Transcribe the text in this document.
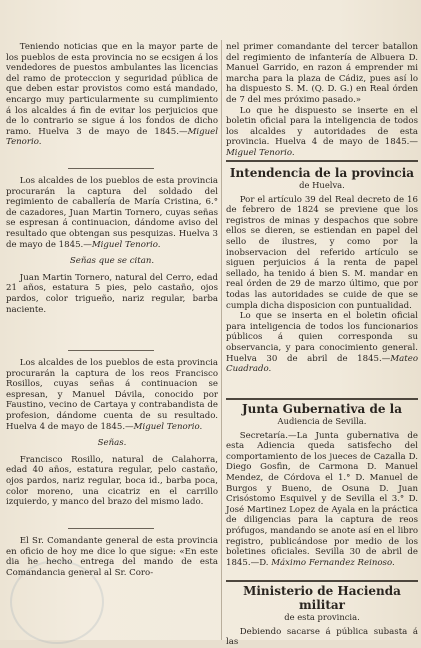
Teniendo noticias que en la mayor parte de los pueblos de esta provincia no se ecsigen á los vendedores de puestos ambulantes las licencias del ramo de proteccion y seguridad pública de que deben estar provistos como está mandado, encargo muy particularmente su cumplimiento á los alcaldes á fin de evitar los perjuicios que de lo contrario se sigue á los fondos de dicho ramo. Huelva 3 de mayo de 1845.—Miguel Tenorio.

Los alcaldes de los pueblos de esta provincia procurarán la captura del soldado del regimiento de caballería de María Cristina, 6.° de cazadores, Juan Martin Tornero, cuyas señas se espresan á continuacion, dándome aviso del resultado que obtengan sus pesquizas. Huelva 3 de mayo de 1845.—Miguel Tenorio.

Señas que se citan.

Juan Martin Tornero, natural del Cerro, edad 21 años, estatura 5 pies, pelo castaño, ojos pardos, color trigueño, nariz regular, barba naciente.

Los alcaldes de los pueblos de esta provincia procurarán la captura de los reos Francisco Rosillos, cuyas señas á continuacion se espresan, y Manuel Dávila, conocido por Faustino, vecino de Cartaya y contrabandista de profesion, dándome cuenta de su resultado. Huelva 4 de mayo de 1845.—Miguel Tenorio.

Señas.

Francisco Rosillo, natural de Calahorra, edad 40 años, estatura regular, pelo castaño, ojos pardos, nariz regular, boca id., barba poca, color moreno, una cicatriz en el carrillo izquierdo, y manco del brazo del mismo lado.

El Sr. Comandante general de esta provincia en oficio de hoy me dice lo que sigue: «En este dia he hecho entrega del mando de esta Comandancia general al Sr. Coro-

nel primer comandante del tercer batallon del regimiento de infantería de Albuera D. Manuel Garrido, en razon á emprender mi marcha para la plaza de Cádiz, pues así lo ha dispuesto S. M. (Q. D. G.) en Real órden de 7 del mes próximo pasado.»

Lo que he dispuesto se inserte en el boletin oficial para la inteligencia de todos los alcaldes y autoridades de esta provincia. Huelva 4 de mayo de 1845.—Miguel Tenorio.

Intendencia de la provincia

de Huelva.

Por el artículo 39 del Real decreto de 16 de febrero de 1824 se previene que los registros de minas y despachos que sobre ellos se dieren, se estiendan en papel del sello de ilustres, y como por la inobservacion del referido artículo se siguen perjuicios á la renta de papel sellado, ha tenido á bien S. M. mandar en real órden de 29 de marzo último, que por todas las autoridades se cuide de que se cumpla dicha disposicion con puntualidad.

Lo que se inserta en el boletin oficial para inteligencia de todos los funcionarios públicos á quien corresponda su observancia, y para conocimiento general. Huelva 30 de abril de 1845.—Mateo Cuadrado.

Junta Gubernativa de la

Audiencia de Sevilla.

Secretaría.—La Junta gubernativa de esta Adiencia queda satisfecho del comportamiento de los jueces de Cazalla D. Diego Gosfin, de Carmona D. Manuel Mendez, de Córdova el 1.° D. Manuel de Burgos y Bueno, de Osuna D. Juan Crisóstomo Esquivel y de Sevilla el 3.° D. José Martinez Lopez de Ayala en la práctica de diligencias para la captura de reos prófugos, mandando se anote así en el libro registro, publicándose por medio de los boletines oficiales. Sevilla 30 de abril de 1845.—D. Máximo Fernandez Reinoso.

Ministerio de Hacienda militar

de esta provincia.

Debiendo sacarse á pública subasta á las
